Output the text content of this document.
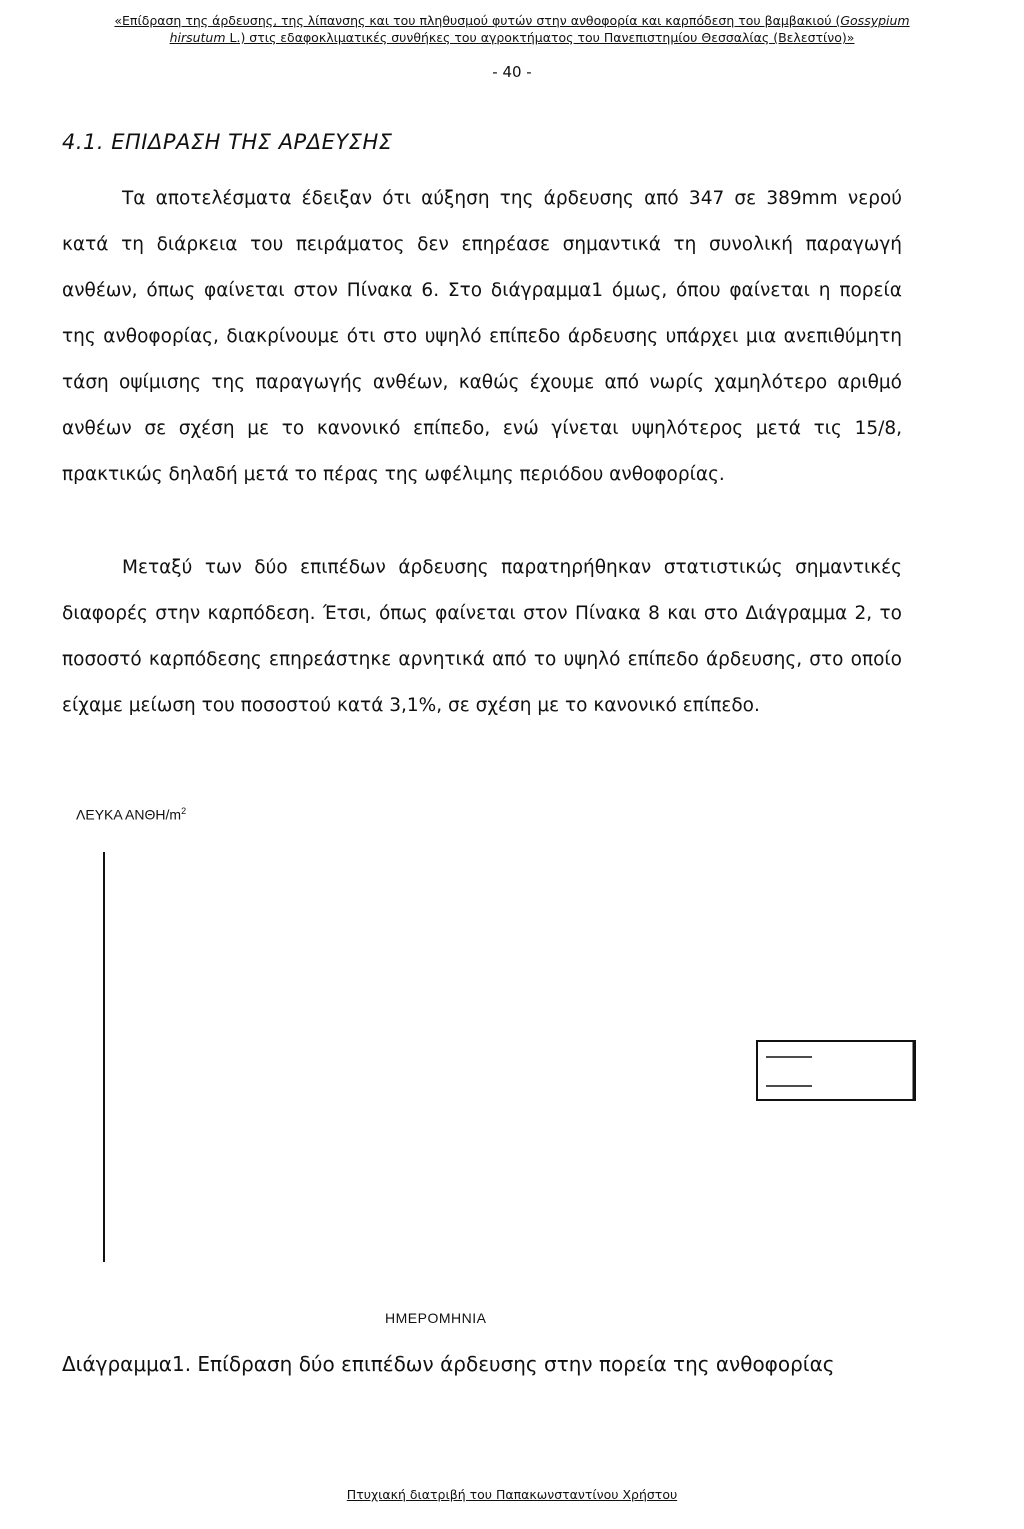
«Επίδραση της άρδευσης, της λίπανσης και του πληθυσμού φυτών στην ανθοφορία και καρπόδεση του βαμβακιού (Gossypium
hirsutum L.) στις εδαφοκλιματικές συνθήκες του αγροκτήματος του Πανεπιστημίου Θεσσαλίας (Βελεστίνο)»
- 40 -
4.1. ΕΠΙΔΡΑΣΗ ΤΗΣ ΑΡΔΕΥΣΗΣ
Τα αποτελέσματα έδειξαν ότι αύξηση της άρδευσης από 347 σε 389mm νερού κατά τη διάρκεια του πειράματος δεν επηρέασε σημαντικά τη συνολική παραγωγή ανθέων, όπως φαίνεται στον Πίνακα 6. Στο διάγραμμα1 όμως, όπου φαίνεται η πορεία της ανθοφορίας, διακρίνουμε ότι στο υψηλό επίπεδο άρδευσης υπάρχει μια ανεπιθύμητη τάση οψίμισης της παραγωγής ανθέων, καθώς έχουμε από νωρίς χαμηλότερο αριθμό ανθέων σε σχέση με το κανονικό επίπεδο, ενώ γίνεται υψηλότερος μετά τις 15/8, πρακτικώς δηλαδή μετά το πέρας της ωφέλιμης περιόδου ανθοφορίας.
Μεταξύ των δύο επιπέδων άρδευσης παρατηρήθηκαν στατιστικώς σημαντικές διαφορές στην καρπόδεση. Έτσι, όπως φαίνεται στον Πίνακα 8 και στο Διάγραμμα 2, το ποσοστό καρπόδεσης επηρεάστηκε αρνητικά από το υψηλό επίπεδο άρδευσης, στο οποίο είχαμε μείωση του ποσοστού κατά 3,1%, σε σχέση με το κανονικό επίπεδο.
ΛΕΥΚΑ ΑΝΘΗ/$m^2$
ΗΜΕΡΟΜΗΝΙΑ
Διάγραμμα1. Επίδραση δύο επιπέδων άρδευσης στην πορεία της ανθοφορίας
Πτυχιακή διατριβή του Παπακωνσταντίνου Χρήστου
